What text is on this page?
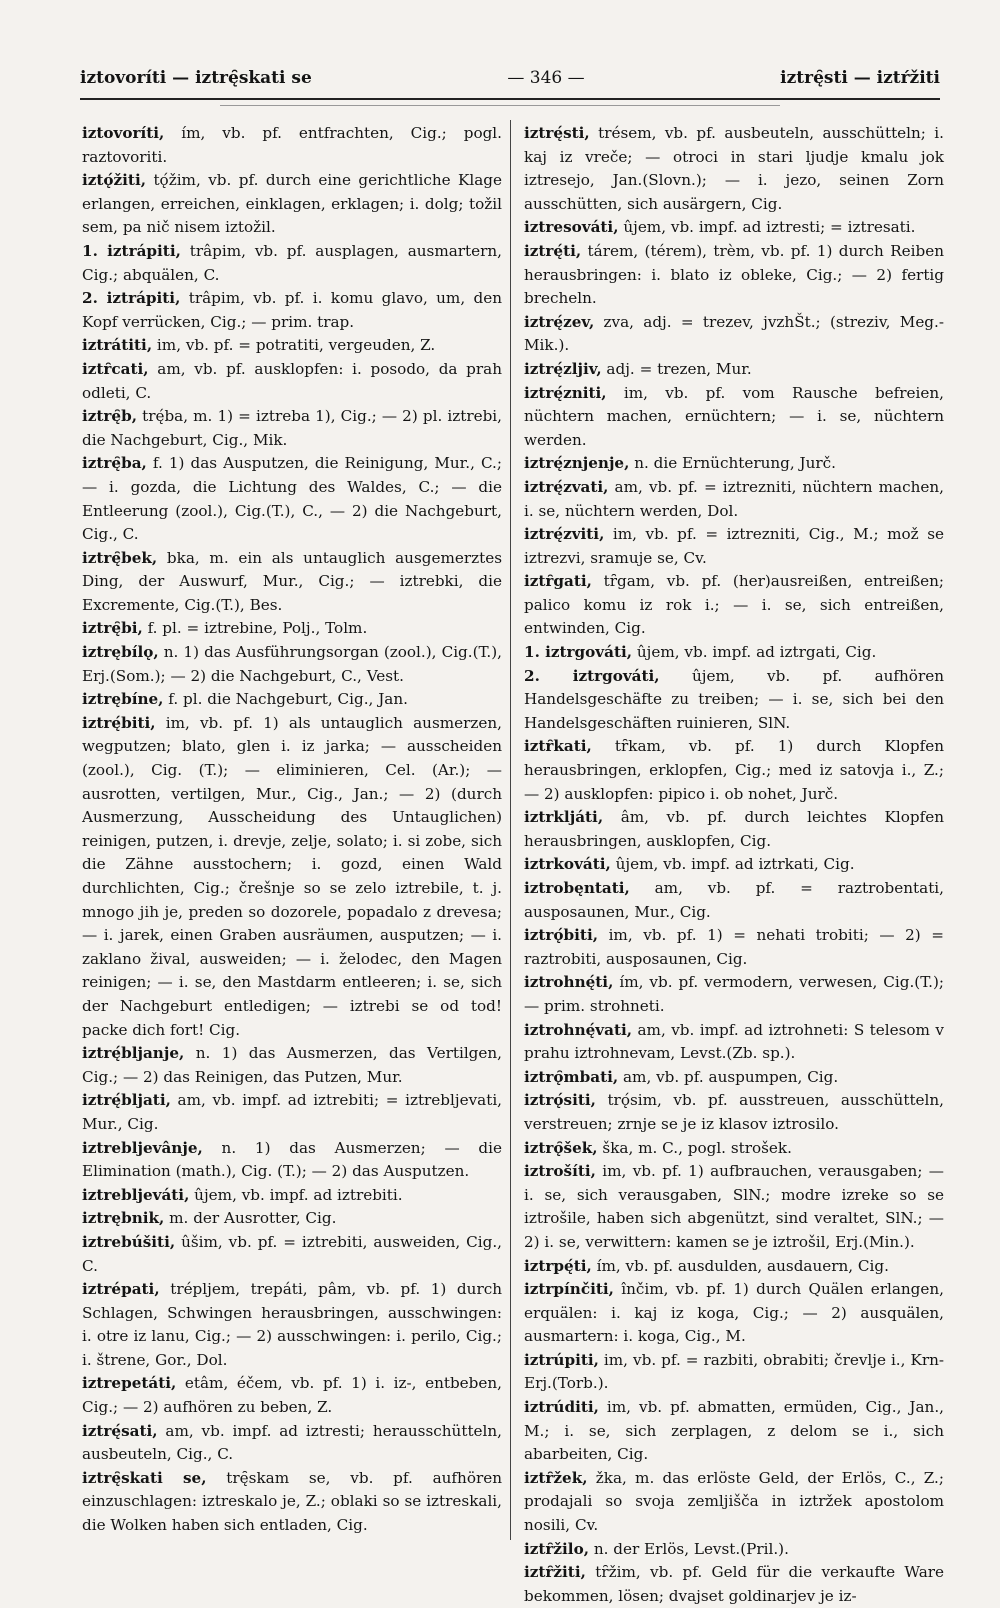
iztovoríti — iztrę̑skati se	— 346 —	iztrę̑sti — iztŕžiti

iztovoríti, ím, vb. pf. entfrachten, Cig.; pogl. raztovoriti.

iztǫ́žiti, tǫ́žim, vb. pf. durch eine gerichtliche Klage erlangen, erreichen, einklagen, erklagen; i. dolg; tožil sem, pa nič nisem iztožil.

1. iztrápiti, trâpim, vb. pf. ausplagen, ausmartern, Cig.; abquälen, C.

2. iztrápiti, trâpim, vb. pf. i. komu glavo, um, den Kopf verrücken, Cig.; — prim. trap.

iztrátiti, im, vb. pf. = potratiti, vergeuden, Z.

iztȓcati, am, vb. pf. ausklopfen: i. posodo, da prah odleti, C.

iztrę̑b, trę́ba, m. 1) = iztreba 1), Cig.; — 2) pl. iztrebi, die Nachgeburt, Cig., Mik.

iztrę̑ba, f. 1) das Ausputzen, die Reinigung, Mur., C.; — i. gozda, die Lichtung des Waldes, C.; — die Entleerung (zool.), Cig.(T.), C., — 2) die Nachgeburt, Cig., C.

iztrę̑bek, bka, m. ein als untauglich ausgemerztes Ding, der Auswurf, Mur., Cig.; — iztrebki, die Excremente, Cig.(T.), Bes.

iztrę̑bi, f. pl. = iztrebine, Polj., Tolm.

iztrębílǫ, n. 1) das Ausführungsorgan (zool.), Cig.(T.), Erj.(Som.); — 2) die Nachgeburt, C., Vest.

iztrębíne, f. pl. die Nachgeburt, Cig., Jan.

iztrę́biti, im, vb. pf. 1) als untauglich ausmerzen, wegputzen; blato, glen i. iz jarka; — ausscheiden (zool.), Cig. (T.); — eliminieren, Cel. (Ar.); — ausrotten, vertilgen, Mur., Cig., Jan.; — 2) (durch Ausmerzung, Ausscheidung des Untauglichen) reinigen, putzen, i. drevje, zelje, solato; i. si zobe, sich die Zähne ausstochern; i. gozd, einen Wald durchlichten, Cig.; črešnje so se zelo iztrebile, t. j. mnogo jih je, preden so dozorele, popadalo z drevesa; — i. jarek, einen Graben ausräumen, ausputzen; — i. zaklano žival, ausweiden; — i. želodec, den Magen reinigen; — i. se, den Mastdarm entleeren; i. se, sich der Nachgeburt entledigen; — iztrebi se od tod! packe dich fort! Cig.

iztrę́bljanje, n. 1) das Ausmerzen, das Vertilgen, Cig.; — 2) das Reinigen, das Putzen, Mur.

iztrę́bljati, am, vb. impf. ad iztrebiti; = iztrebljevati, Mur., Cig.

iztrebljevânje, n. 1) das Ausmerzen; — die Elimination (math.), Cig. (T.); — 2) das Ausputzen.

iztrebljeváti, ûjem, vb. impf. ad iztrebiti.

iztrębnik, m. der Ausrotter, Cig.

iztrebúšiti, ûšim, vb. pf. = iztrebiti, ausweiden, Cig., C.

iztrépati, trépljem, trepáti, pâm, vb. pf. 1) durch Schlagen, Schwingen herausbringen, ausschwingen: i. otre iz lanu, Cig.; — 2) ausschwingen: i. perilo, Cig.; i. štrene, Gor., Dol.

iztrepetáti, etâm, éčem, vb. pf. 1) i. iz-, entbeben, Cig.; — 2) aufhören zu beben, Z.

iztrę́sati, am, vb. impf. ad iztresti; herausschütteln, ausbeuteln, Cig., C.

iztrę̑skati se, trę̑skam se, vb. pf. aufhören einzuschlagen: iztreskalo je, Z.; oblaki so se iztreskali, die Wolken haben sich entladen, Cig.

iztrę́sti, trésem, vb. pf. ausbeuteln, ausschütteln; i. kaj iz vreče; — otroci in stari ljudje kmalu jok iztresejo, Jan.(Slovn.); — i. jezo, seinen Zorn ausschütten, sich ausärgern, Cig.

iztresováti, ûjem, vb. impf. ad iztresti; = iztresati.

iztrę́ti, tárem, (térem), trèm, vb. pf. 1) durch Reiben herausbringen: i. blato iz obleke, Cig.; — 2) fertig brecheln.

iztrę́zev, zva, adj. = trezev, jvzhŠt.; (streziv, Meg.-Mik.).

iztrę́zljiv, adj. = trezen, Mur.

iztrę́zniti, im, vb. pf. vom Rausche befreien, nüchtern machen, ernüchtern; — i. se, nüchtern werden.

iztrę́znjenje, n. die Ernüchterung, Jurč.

iztrę́zvati, am, vb. pf. = iztrezniti, nüchtern machen, i. se, nüchtern werden, Dol.

iztrę́zviti, im, vb. pf. = iztrezniti, Cig., M.; mož se iztrezvi, sramuje se, Cv.

iztȓgati, tȓgam, vb. pf. (her)ausreißen, entreißen; palico komu iz rok i.; — i. se, sich entreißen, entwinden, Cig.

1. iztrgováti, ûjem, vb. impf. ad iztrgati, Cig.

2. iztrgováti, ûjem, vb. pf. aufhören Handelsgeschäfte zu treiben; — i. se, sich bei den Handelsgeschäften ruinieren, SlN.

iztȓkati, tȓkam, vb. pf. 1) durch Klopfen herausbringen, erklopfen, Cig.; med iz satovja i., Z.; — 2) ausklopfen: pipico i. ob nohet, Jurč.

iztrkljáti, âm, vb. pf. durch leichtes Klopfen herausbringen, ausklopfen, Cig.

iztrkováti, ûjem, vb. impf. ad iztrkati, Cig.

iztrobęntati, am, vb. pf. = raztrobentati, ausposaunen, Mur., Cig.

iztrǫ́biti, im, vb. pf. 1) = nehati trobiti; — 2) = raztrobiti, ausposaunen, Cig.

iztrohnę́ti, ím, vb. pf. vermodern, verwesen, Cig.(T.); — prim. strohneti.

iztrohnę́vati, am, vb. impf. ad iztrohneti: S telesom v prahu iztrohnevam, Levst.(Zb. sp.).

iztrǫ̑mbati, am, vb. pf. auspumpen, Cig.

iztrǫ́siti, trǫ́sim, vb. pf. ausstreuen, ausschütteln, verstreuen; zrnje se je iz klasov iztrosilo.

iztrǫ̑šek, ška, m. C., pogl. strošek.

iztrošíti, im, vb. pf. 1) aufbrauchen, verausgaben; — i. se, sich verausgaben, SlN.; modre izreke so se iztrošile, haben sich abgenützt, sind veraltet, SlN.; — 2) i. se, verwittern: kamen se je iztrošil, Erj.(Min.).

iztrpę́ti, ím, vb. pf. ausdulden, ausdauern, Cig.

iztrpínčiti, înčim, vb. pf. 1) durch Quälen erlangen, erquälen: i. kaj iz koga, Cig.; — 2) ausquälen, ausmartern: i. koga, Cig., M.

iztrúpiti, im, vb. pf. = razbiti, obrabiti; črevlje i., Krn-Erj.(Torb.).

iztrúditi, im, vb. pf. abmatten, ermüden, Cig., Jan., M.; i. se, sich zerplagen, z delom se i., sich abarbeiten, Cig.

iztȓžek, žka, m. das erlöste Geld, der Erlös, C., Z.; prodajali so svoja zemljišča in iztržek apostolom nosili, Cv.

iztȓžilo, n. der Erlös, Levst.(Pril.).

iztȓžiti, tȓžim, vb. pf. Geld für die verkaufte Ware bekommen, lösen; dvajset goldinarjev je iz-
